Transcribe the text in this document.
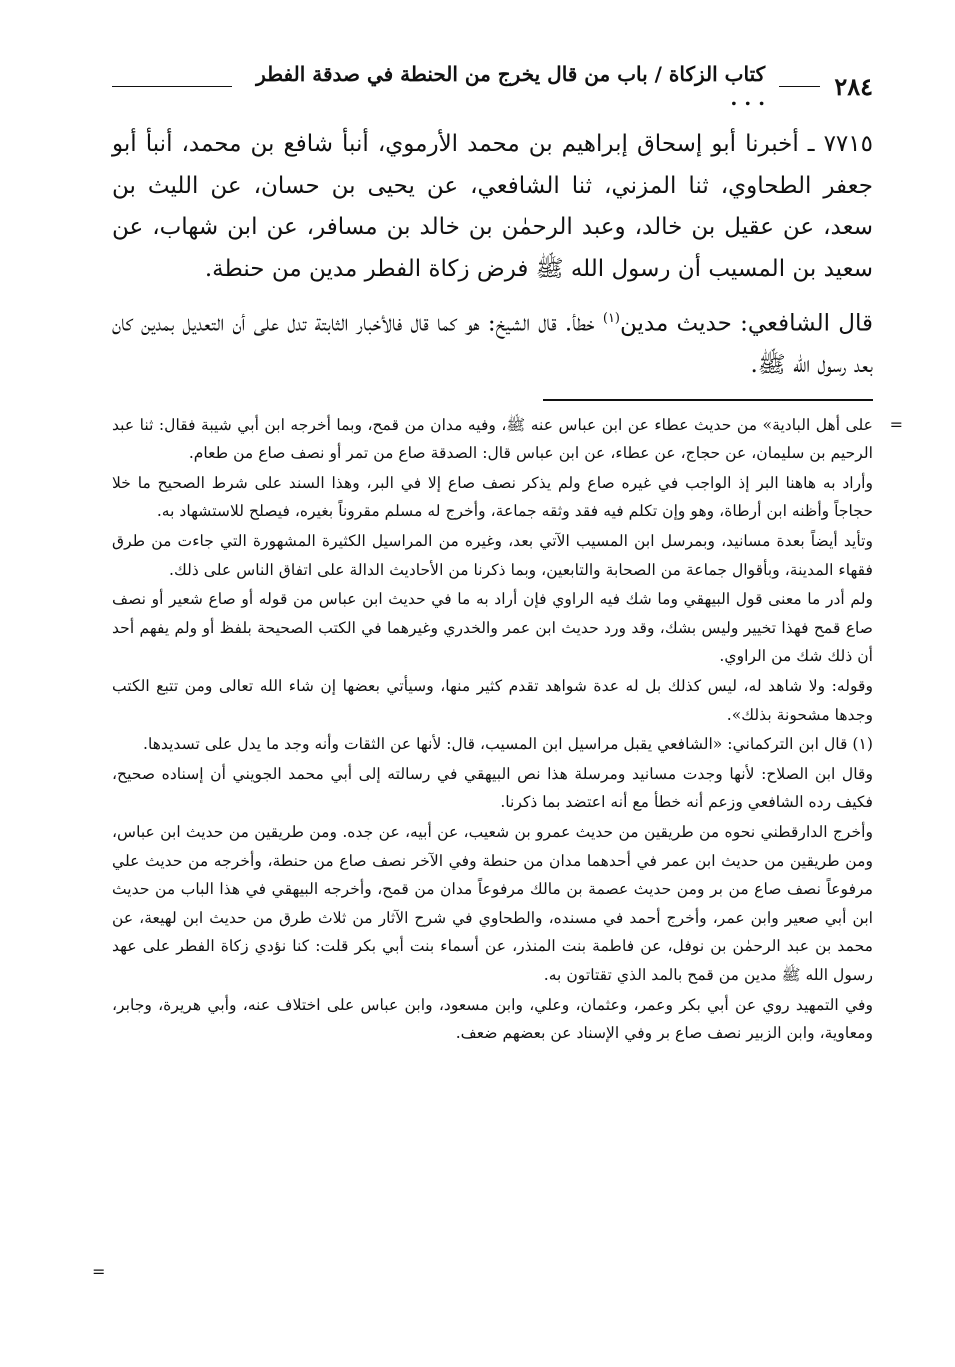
٢٨٤
كتاب الزكاة / باب من قال يخرج من الحنطة في صدقة الفطر . . .

٧٧١٥ ـ أخبرنا أبو إسحاق إبراهيم بن محمد الأرموي، أنبأ شافع بن محمد، أنبأ أبو جعفر الطحاوي، ثنا المزني، ثنا الشافعي، عن يحيى بن حسان، عن الليث بن سعد، عن عقيل بن خالد، وعبد الرحمٰن بن خالد بن مسافر، عن ابن شهاب، عن سعيد بن المسيب أن رسول الله ﷺ فرض زكاة الفطر مدين من حنطة.

قال الشافعي: حديث مدين$^{(١)}$ خطأ. قال الشيخ: هو كما قال فالأخبار الثابتة تدل على أن التعديل بمدين كان بعد رسول الله ﷺ.

=
على أهل البادية» من حديث عطاء عن ابن عباس عنه ﷺ، وفيه مدان من قمح، وبما أخرجه ابن أبي شيبة فقال: ثنا عبد الرحيم بن سليمان، عن حجاج، عن عطاء، عن ابن عباس قال: الصدقة صاع من تمر أو نصف صاع من طعام.

وأراد به هاهنا البر إذ الواجب في غيره صاع ولم يذكر نصف صاع إلا في البر، وهذا السند على شرط الصحيح ما خلا حجاجاً وأظنه ابن أرطاة، وهو وإن تكلم فيه فقد وثقه جماعة، وأخرج له مسلم مقروناً بغيره، فيصلح للاستشهاد به.

وتأيد أيضاً بعدة مسانيد، وبمرسل ابن المسيب الآتي بعد، وغيره من المراسيل الكثيرة المشهورة التي جاءت من طرق فقهاء المدينة، وبأقوال جماعة من الصحابة والتابعين، وبما ذكرنا من الأحاديث الدالة على اتفاق الناس على ذلك.

ولم أدر ما معنى قول البيهقي وما شك فيه الراوي فإن أراد به ما في حديث ابن عباس من قوله أو صاع شعير أو نصف صاع قمح فهذا تخيير وليس بشك، وقد ورد حديث ابن عمر والخدري وغيرهما في الكتب الصحيحة بلفظ أو ولم يفهم أحد أن ذلك شك من الراوي.

وقوله: ولا شاهد له، ليس كذلك بل له عدة شواهد تقدم كثير منها، وسيأتي بعضها إن شاء الله تعالى ومن تتبع الكتب وجدها مشحونة بذلك».

(١) قال ابن التركماني: «الشافعي يقبل مراسيل ابن المسيب، قال: لأنها عن الثقات وأنه وجد ما يدل على تسديدها.

وقال ابن الصلاح: لأنها وجدت مسانيد ومرسلة هذا نص البيهقي في رسالته إلى أبي محمد الجويني أن إسناده صحيح، فكيف رده الشافعي وزعم أنه خطأ مع أنه اعتضد بما ذكرنا.

وأخرج الدارقطني نحوه من طريقين من حديث عمرو بن شعيب، عن أبيه، عن جده. ومن طريقين من حديث ابن عباس، ومن طريقين من حديث ابن عمر في أحدهما مدان من حنطة وفي الآخر نصف صاع من حنطة، وأخرجه من حديث علي مرفوعاً نصف صاع من بر ومن حديث عصمة بن مالك مرفوعاً مدان من قمح، وأخرجه البيهقي في هذا الباب من حديث ابن أبي صعير وابن عمر، وأخرج أحمد في مسنده، والطحاوي في شرح الآثار من ثلاث طرق من حديث ابن لهيعة، عن محمد بن عبد الرحمٰن بن نوفل، عن فاطمة بنت المنذر، عن أسماء بنت أبي بكر قلت: كنا نؤدي زكاة الفطر على عهد رسول الله ﷺ مدين من قمح بالمد الذي تقتاتون به.

وفي التمهيد روي عن أبي بكر وعمر، وعثمان، وعلي، وابن مسعود، وابن عباس على اختلاف عنه، وأبي هريرة، وجابر، ومعاوية، وابن الزبير نصف صاع بر وفي الإسناد عن بعضهم ضعف.

=
